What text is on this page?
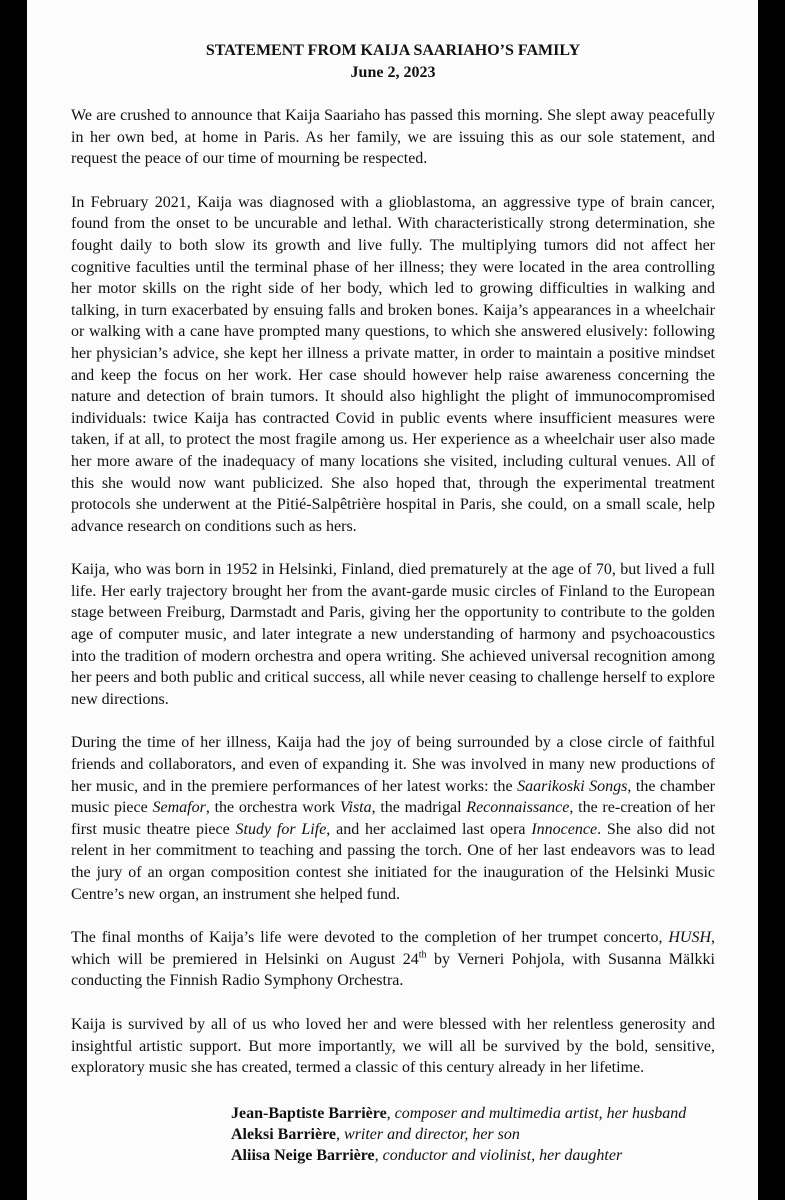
STATEMENT FROM KAIJA SAARIAHO’S FAMILY
June 2, 2023

We are crushed to announce that Kaija Saariaho has passed this morning. She slept away peacefully in her own bed, at home in Paris. As her family, we are issuing this as our sole statement, and request the peace of our time of mourning be respected.

In February 2021, Kaija was diagnosed with a glioblastoma, an aggressive type of brain cancer, found from the onset to be uncurable and lethal. With characteristically strong determination, she fought daily to both slow its growth and live fully. The multiplying tumors did not affect her cognitive faculties until the terminal phase of her illness; they were located in the area controlling her motor skills on the right side of her body, which led to growing difficulties in walking and talking, in turn exacerbated by ensuing falls and broken bones. Kaija’s appearances in a wheelchair or walking with a cane have prompted many questions, to which she answered elusively: following her physician’s advice, she kept her illness a private matter, in order to maintain a positive mindset and keep the focus on her work. Her case should however help raise awareness concerning the nature and detection of brain tumors. It should also highlight the plight of immunocompromised individuals: twice Kaija has contracted Covid in public events where insufficient measures were taken, if at all, to protect the most fragile among us. Her experience as a wheelchair user also made her more aware of the inadequacy of many locations she visited, including cultural venues. All of this she would now want publicized. She also hoped that, through the experimental treatment protocols she underwent at the Pitié-Salpêtrière hospital in Paris, she could, on a small scale, help advance research on conditions such as hers.

Kaija, who was born in 1952 in Helsinki, Finland, died prematurely at the age of 70, but lived a full life. Her early trajectory brought her from the avant-garde music circles of Finland to the European stage between Freiburg, Darmstadt and Paris, giving her the opportunity to contribute to the golden age of computer music, and later integrate a new understanding of harmony and psychoacoustics into the tradition of modern orchestra and opera writing. She achieved universal recognition among her peers and both public and critical success, all while never ceasing to challenge herself to explore new directions.

During the time of her illness, Kaija had the joy of being surrounded by a close circle of faithful friends and collaborators, and even of expanding it. She was involved in many new productions of her music, and in the premiere performances of her latest works: the Saarikoski Songs, the chamber music piece Semafor, the orchestra work Vista, the madrigal Reconnaissance, the re-creation of her first music theatre piece Study for Life, and her acclaimed last opera Innocence. She also did not relent in her commitment to teaching and passing the torch. One of her last endeavors was to lead the jury of an organ composition contest she initiated for the inauguration of the Helsinki Music Centre’s new organ, an instrument she helped fund.

The final months of Kaija’s life were devoted to the completion of her trumpet concerto, HUSH, which will be premiered in Helsinki on August 24th by Verneri Pohjola, with Susanna Mälkki conducting the Finnish Radio Symphony Orchestra.

Kaija is survived by all of us who loved her and were blessed with her relentless generosity and insightful artistic support. But more importantly, we will all be survived by the bold, sensitive, exploratory music she has created, termed a classic of this century already in her lifetime.

Jean-Baptiste Barrière, composer and multimedia artist, her husband
Aleksi Barrière, writer and director, her son
Aliisa Neige Barrière, conductor and violinist, her daughter
